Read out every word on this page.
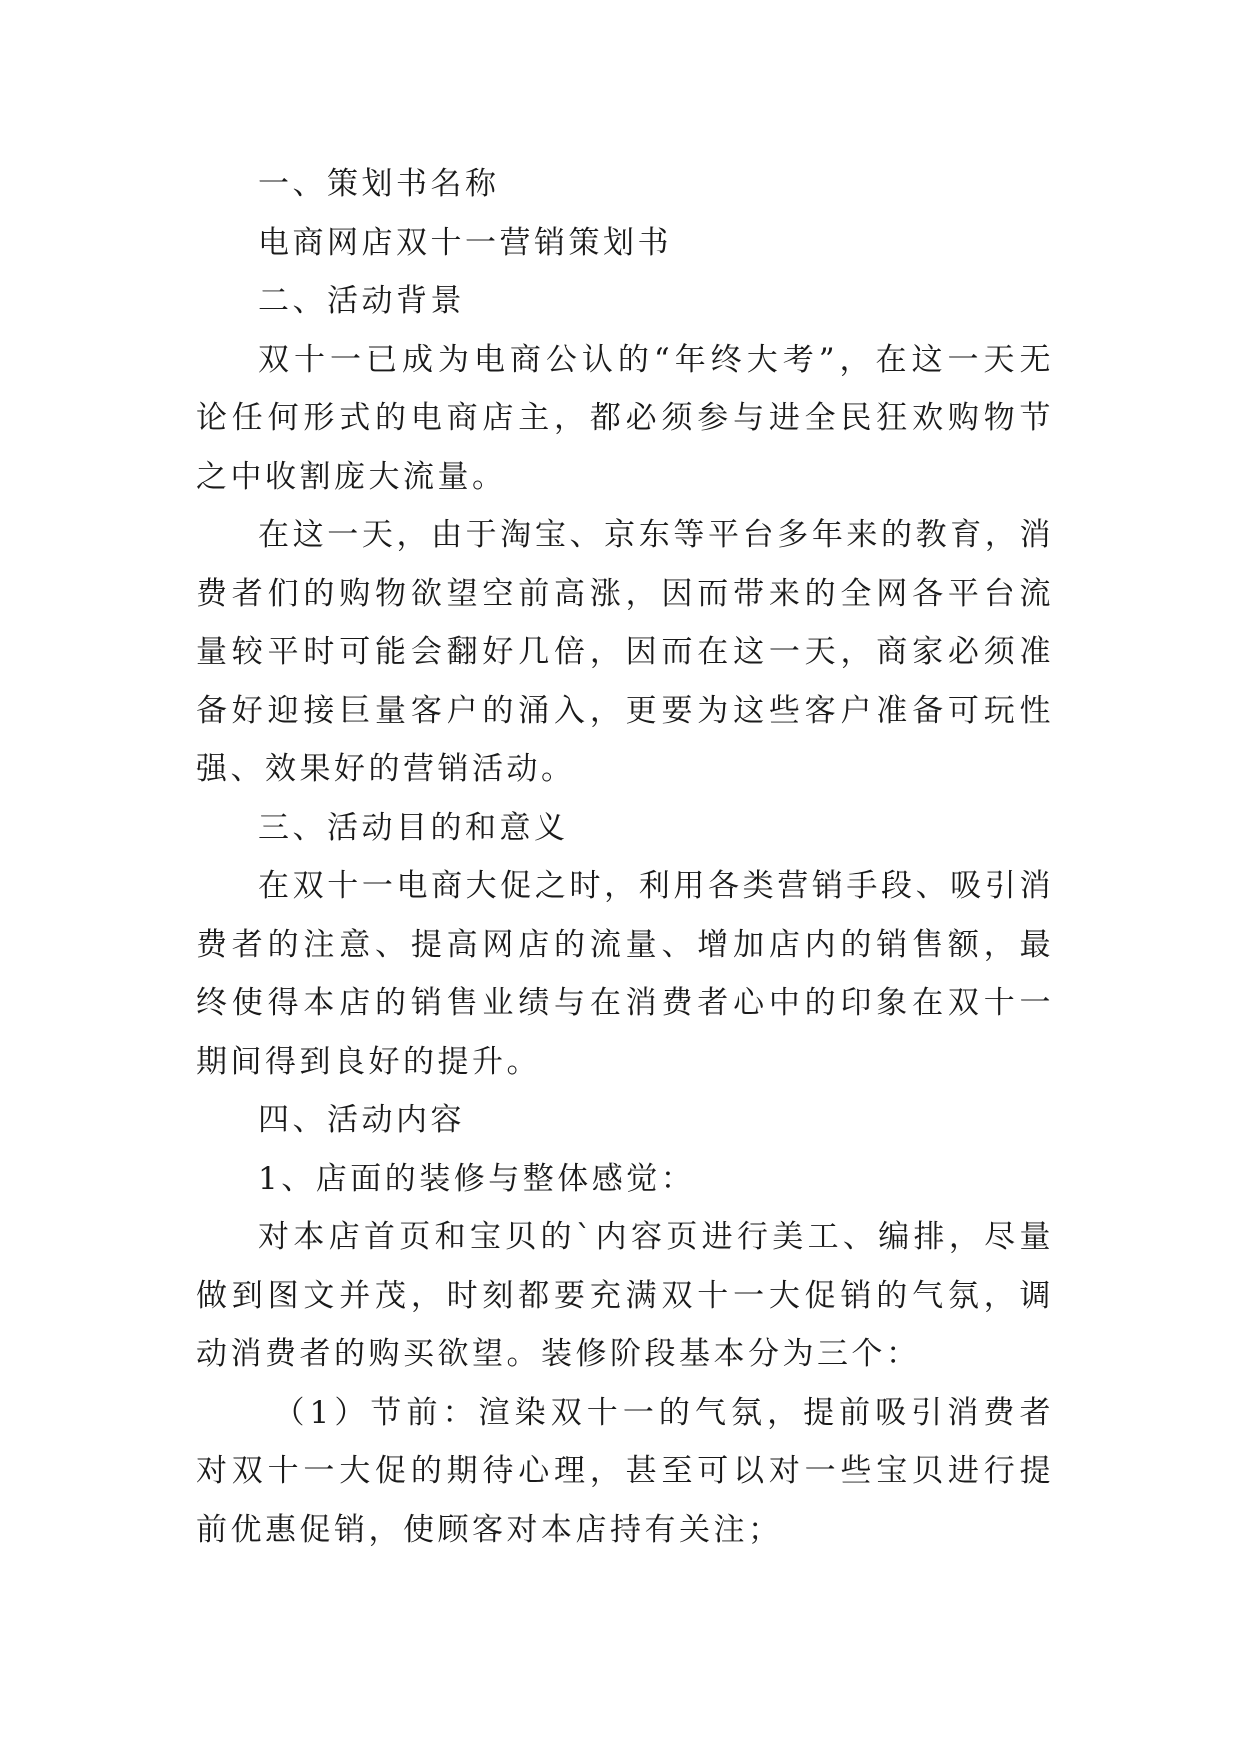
一、策划书名称

电商网店双十一营销策划书

二、活动背景

双十一已成为电商公认的“年终大考”，在这一天无论任何形式的电商店主，都必须参与进全民狂欢购物节之中收割庞大流量。

在这一天，由于淘宝、京东等平台多年来的教育，消费者们的购物欲望空前高涨，因而带来的全网各平台流量较平时可能会翻好几倍，因而在这一天，商家必须准备好迎接巨量客户的涌入，更要为这些客户准备可玩性强、效果好的营销活动。

三、活动目的和意义

在双十一电商大促之时，利用各类营销手段、吸引消费者的注意、提高网店的流量、增加店内的销售额，最终使得本店的销售业绩与在消费者心中的印象在双十一期间得到良好的提升。

四、活动内容

1、店面的装修与整体感觉：

对本店首页和宝贝的`内容页进行美工、编排，尽量做到图文并茂，时刻都要充满双十一大促销的气氛，调动消费者的购买欲望。装修阶段基本分为三个：

（1）节前：渲染双十一的气氛，提前吸引消费者对双十一大促的期待心理，甚至可以对一些宝贝进行提前优惠促销，使顾客对本店持有关注；
